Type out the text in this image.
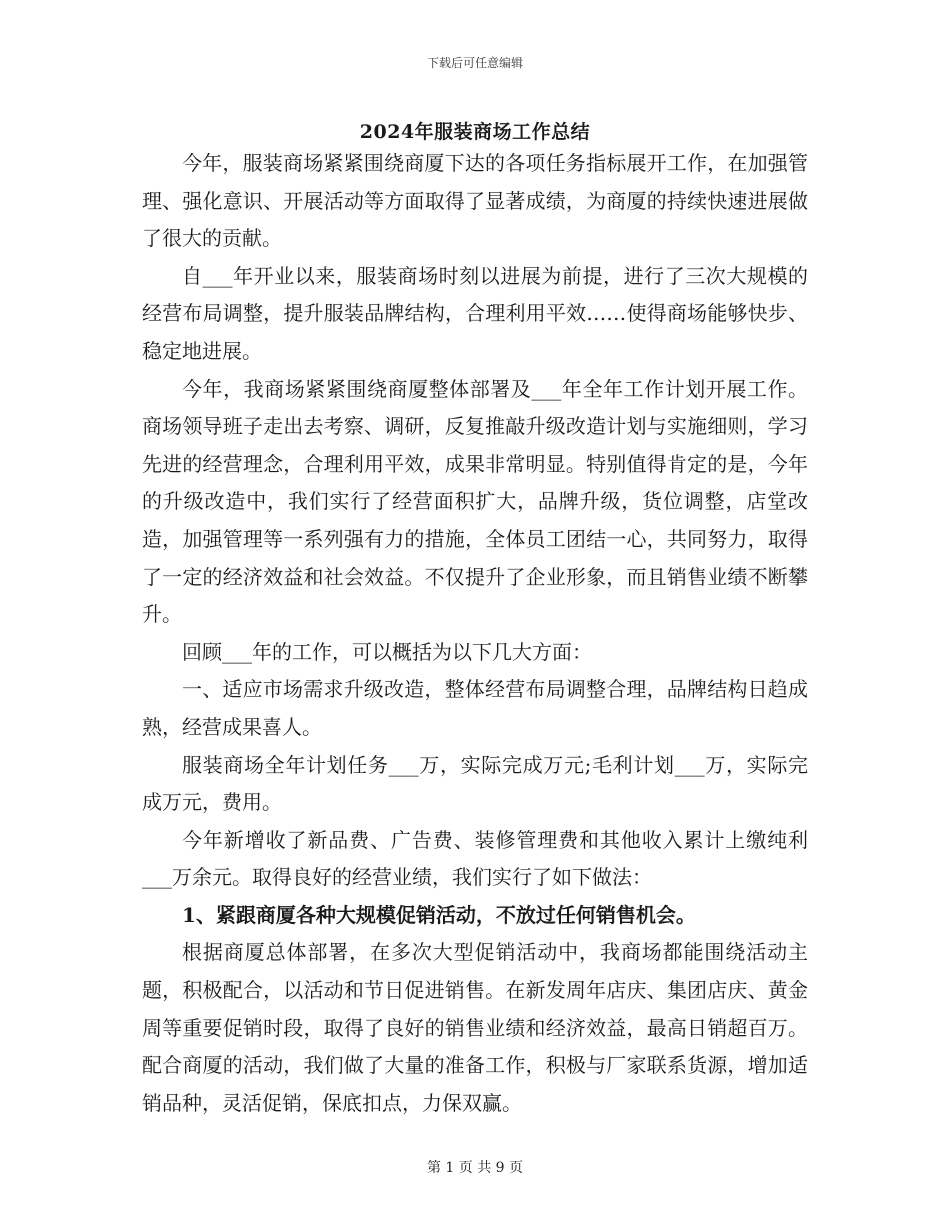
下载后可任意编辑
2024年服装商场工作总结

今年，服装商场紧紧围绕商厦下达的各项任务指标展开工作，在加强管理、强化意识、开展活动等方面取得了显著成绩，为商厦的持续快速进展做了很大的贡献。

自___年开业以来，服装商场时刻以进展为前提，进行了三次大规模的经营布局调整，提升服装品牌结构，合理利用平效……使得商场能够快步、稳定地进展。

今年，我商场紧紧围绕商厦整体部署及___年全年工作计划开展工作。商场领导班子走出去考察、调研，反复推敲升级改造计划与实施细则，学习先进的经营理念，合理利用平效，成果非常明显。特别值得肯定的是，今年的升级改造中，我们实行了经营面积扩大，品牌升级，货位调整，店堂改造，加强管理等一系列强有力的措施，全体员工团结一心，共同努力，取得了一定的经济效益和社会效益。不仅提升了企业形象，而且销售业绩不断攀升。

回顾___年的工作，可以概括为以下几大方面：

一、适应市场需求升级改造，整体经营布局调整合理，品牌结构日趋成熟，经营成果喜人。

服装商场全年计划任务___万，实际完成万元;毛利计划___万，实际完成万元，费用。

今年新增收了新品费、广告费、装修管理费和其他收入累计上缴纯利___万余元。取得良好的经营业绩，我们实行了如下做法：

1、紧跟商厦各种大规模促销活动，不放过任何销售机会。

根据商厦总体部署，在多次大型促销活动中，我商场都能围绕活动主题，积极配合，以活动和节日促进销售。在新发周年店庆、集团店庆、黄金周等重要促销时段，取得了良好的销售业绩和经济效益，最高日销超百万。配合商厦的活动，我们做了大量的准备工作，积极与厂家联系货源，增加适销品种，灵活促销，保底扣点，力保双赢。

第 1 页 共 9 页
